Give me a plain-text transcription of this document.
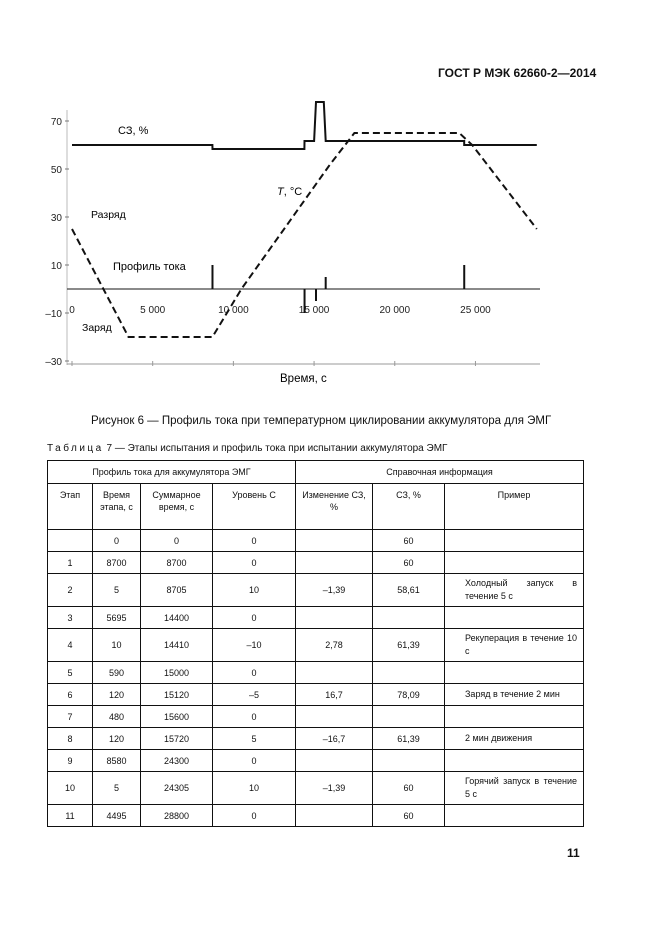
ГОСТ Р МЭК 62660-2—2014
70
50
30
10
–10
–30
0	5 000	10 000	15 000	20 000	25 000
СЗ, %
T, °C
Разряд
Заряд
Профиль тока
Время, с
Рисунок 6 — Профиль тока при температурном циклировании аккумулятора для ЭМГ
Таблица 7 — Этапы испытания и профиль тока при испытании аккумулятора ЭМГ
Профиль тока для аккумулятора ЭМГ				Справочная информация		
Этап	Время этапа, с	Суммарное время, с	Уровень С	Изменение СЗ, %	СЗ, %	Пример
	0	0	0		60	
1	8700	8700	0		60	
2	5	8705	10	–1,39	58,61	Холодный запуск в течение 5 с
3	5695	14400	0			
4	10	14410	–10	2,78	61,39	Рекуперация в течение 10 с
5	590	15000	0			
6	120	15120	–5	16,7	78,09	Заряд в течение 2 мин
7	480	15600	0			
8	120	15720	5	–16,7	61,39	2 мин движения
9	8580	24300	0			
10	5	24305	10	–1,39	60	Горячий запуск в течение 5 с
11	4495	28800	0		60	
11
